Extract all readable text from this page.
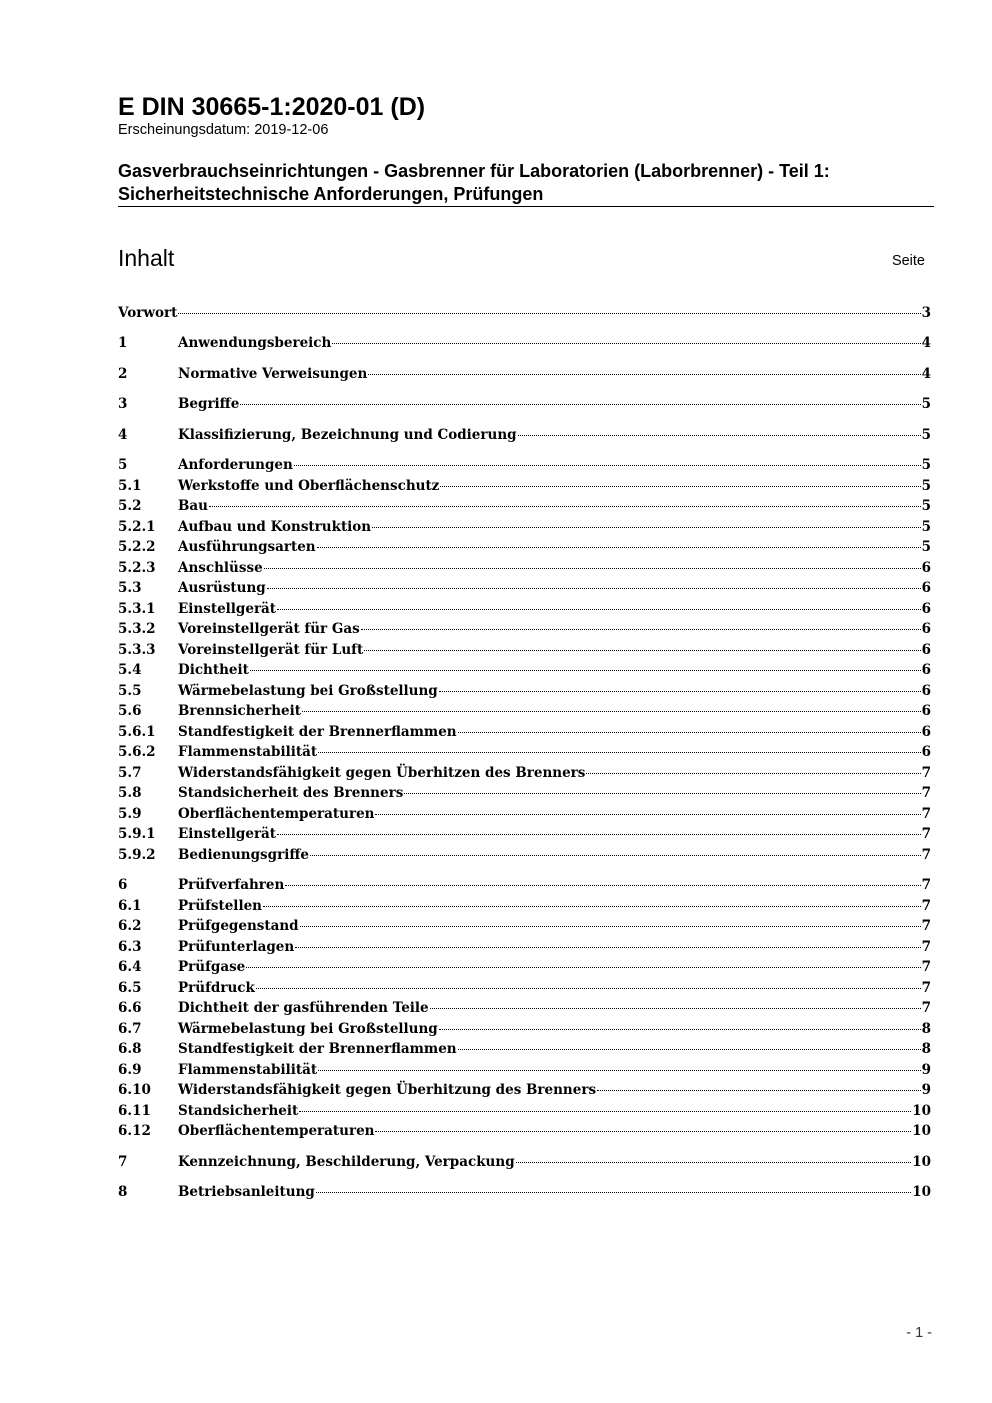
E DIN 30665-1:2020-01 (D)
Erscheinungsdatum: 2019-12-06
Gasverbrauchseinrichtungen - Gasbrenner für Laboratorien (Laborbrenner) - Teil 1: Sicherheitstechnische Anforderungen, Prüfungen
Inhalt	Seite
Vorwort	3
1	Anwendungsbereich	4
2	Normative Verweisungen	4
3	Begriffe	5
4	Klassifizierung, Bezeichnung und Codierung	5
5	Anforderungen	5
5.1	Werkstoffe und Oberflächenschutz	5
5.2	Bau	5
5.2.1	Aufbau und Konstruktion	5
5.2.2	Ausführungsarten	5
5.2.3	Anschlüsse	6
5.3	Ausrüstung	6
5.3.1	Einstellgerät	6
5.3.2	Voreinstellgerät für Gas	6
5.3.3	Voreinstellgerät für Luft	6
5.4	Dichtheit	6
5.5	Wärmebelastung bei Großstellung	6
5.6	Brennsicherheit	6
5.6.1	Standfestigkeit der Brennerflammen	6
5.6.2	Flammenstabilität	6
5.7	Widerstandsfähigkeit gegen Überhitzen des Brenners	7
5.8	Standsicherheit des Brenners	7
5.9	Oberflächentemperaturen	7
5.9.1	Einstellgerät	7
5.9.2	Bedienungsgriffe	7
6	Prüfverfahren	7
6.1	Prüfstellen	7
6.2	Prüfgegenstand	7
6.3	Prüfunterlagen	7
6.4	Prüfgase	7
6.5	Prüfdruck	7
6.6	Dichtheit der gasführenden Teile	7
6.7	Wärmebelastung bei Großstellung	8
6.8	Standfestigkeit der Brennerflammen	8
6.9	Flammenstabilität	9
6.10	Widerstandsfähigkeit gegen Überhitzung des Brenners	9
6.11	Standsicherheit	10
6.12	Oberflächentemperaturen	10
7	Kennzeichnung, Beschilderung, Verpackung	10
8	Betriebsanleitung	10
- 1 -
